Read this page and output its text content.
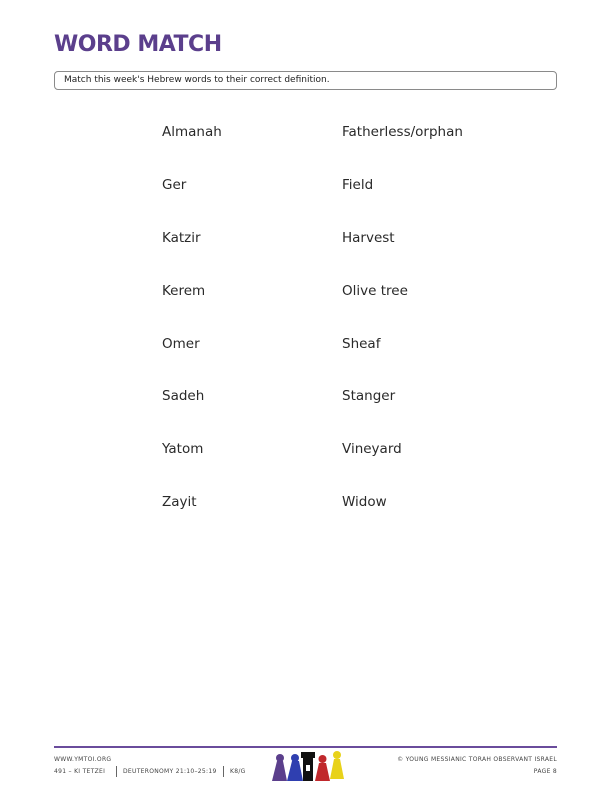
WORD MATCH
Match this week's Hebrew words to their correct definition.
Almanah
Ger
Katzir
Kerem
Omer
Sadeh
Yatom
Zayit
Fatherless/orphan
Field
Harvest
Olive tree
Sheaf
Stanger
Vineyard
Widow
WWW.YMTOI.ORG
491 – KI TETZEI	DEUTERONOMY 21:10–25:19 K8/G
© YOUNG MESSIANIC TORAH OBSERVANT ISRAEL
PAGE 8
